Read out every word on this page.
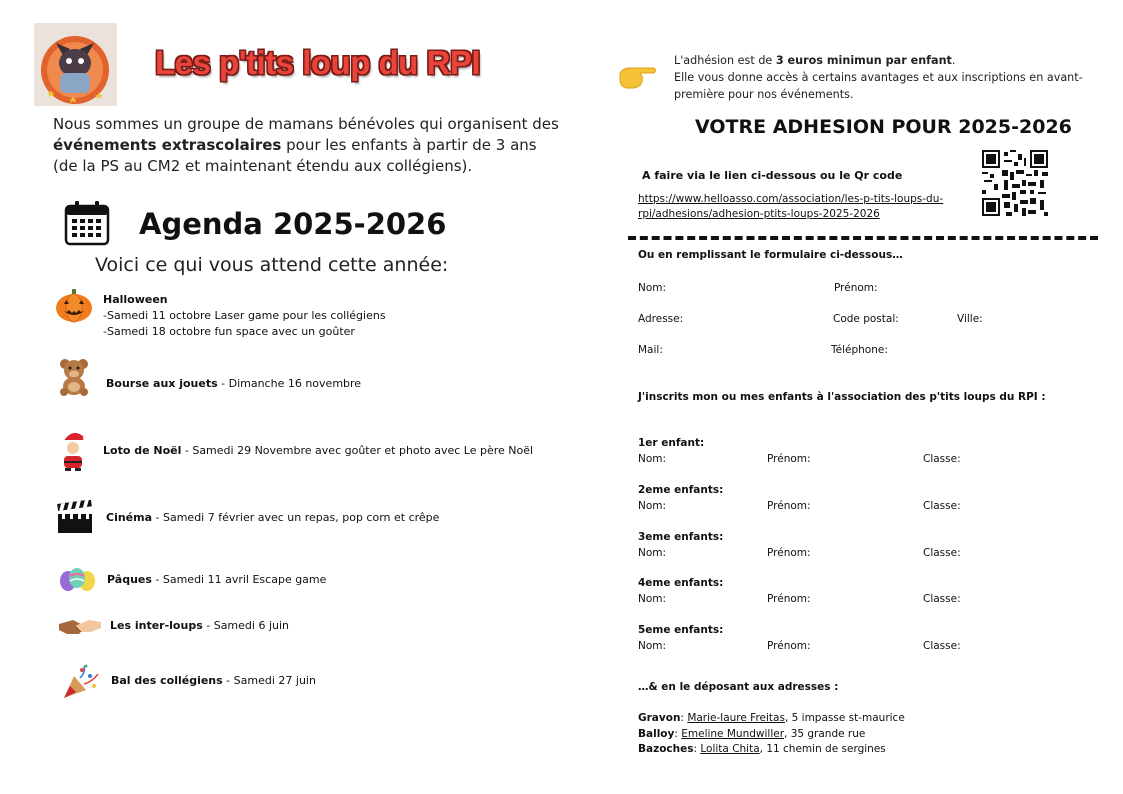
Les p'tits loup du RPI
Nous sommes un groupe de mamans bénévoles qui organisent des événements extrascolaires pour les enfants à partir de 3 ans (de la PS au CM2 et maintenant étendu aux collégiens).
Agenda 2025-2026
Voici ce qui vous attend cette année:
Halloween
-Samedi 11 octobre Laser game pour les collégiens
-Samedi 18 octobre fun space avec un goûter
Bourse aux jouets - Dimanche 16 novembre
Loto de Noël - Samedi 29 Novembre avec goûter et photo avec Le père Noël
Cinéma - Samedi 7 février avec un repas, pop corn et crêpe
Pâques - Samedi 11 avril Escape game
Les inter-loups - Samedi 6 juin
Bal des collégiens - Samedi 27 juin
L'adhésion est de 3 euros minimun par enfant.
Elle vous donne accès à certains avantages et aux inscriptions en avant-première pour nos événements.
VOTRE ADHESION POUR 2025-2026
A faire via le lien ci-dessous ou le Qr code
https://www.helloasso.com/association/les-p-tits-loups-du-
rpi/adhesions/adhesion-ptits-loups-2025-2026
Ou en remplissant le formulaire ci-dessous…
Nom:	Prénom:
Adresse:	Code postal:	Ville:
Mail:	Téléphone:
J'inscrits mon ou mes enfants à l'association des p'tits loups du RPI :
1er enfant:
Nom:	Prénom:	Classe:
2eme enfants:
Nom:	Prénom:	Classe:
3eme enfants:
Nom:	Prénom:	Classe:
4eme enfants:
Nom:	Prénom:	Classe:
5eme enfants:
Nom:	Prénom:	Classe:
…& en le déposant aux adresses :
Gravon: Marie-laure Freitas, 5 impasse st-maurice
Balloy: Emeline Mundwiller, 35 grande rue
Bazoches: Lolita Chita, 11 chemin de sergines
